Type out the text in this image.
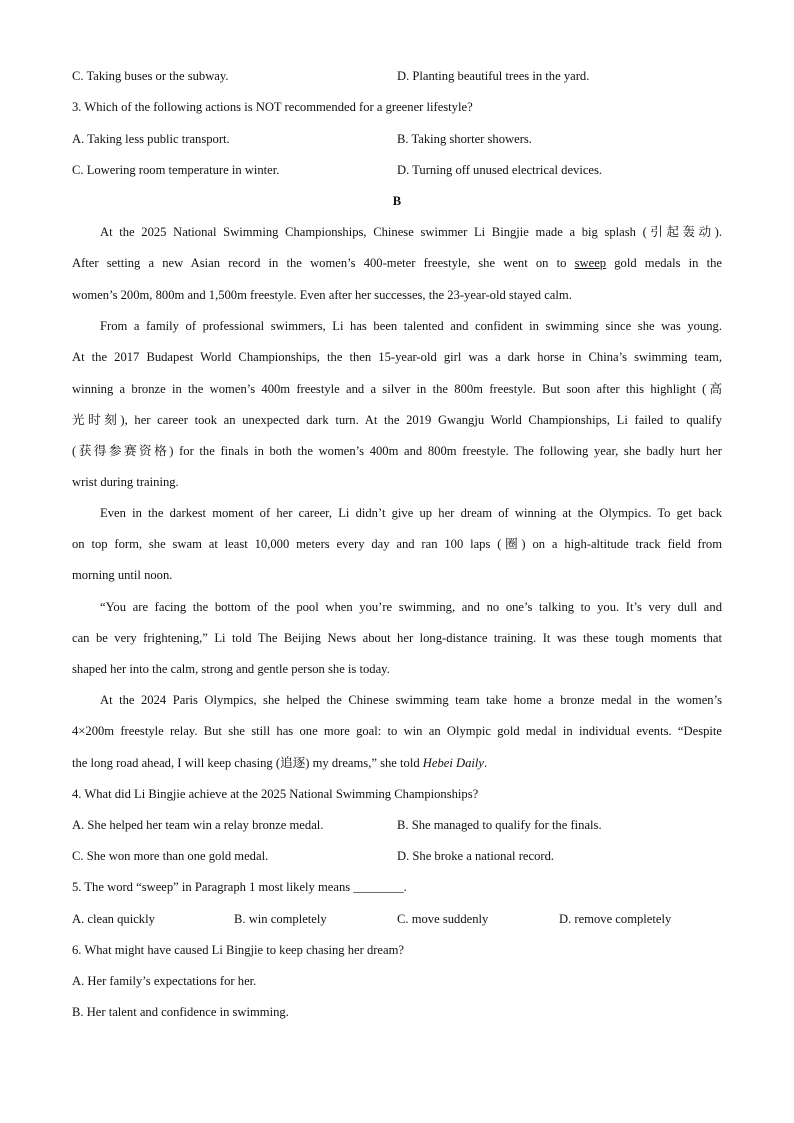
C. Taking buses or the subway.	D. Planting beautiful trees in the yard.
3. Which of the following actions is NOT recommended for a greener lifestyle?
A. Taking less public transport.	B. Taking shorter showers.
C. Lowering room temperature in winter.	D. Turning off unused electrical devices.
B
At the 2025 National Swimming Championships, Chinese swimmer Li Bingjie made a big splash (引起轰动).
After setting a new Asian record in the women’s 400-meter freestyle, she went on to sweep gold medals in the
women’s 200m, 800m and 1,500m freestyle. Even after her successes, the 23-year-old stayed calm.
From a family of professional swimmers, Li has been talented and confident in swimming since she was young.
At the 2017 Budapest World Championships, the then 15-year-old girl was a dark horse in China’s swimming team,
winning a bronze in the women’s 400m freestyle and a silver in the 800m freestyle. But soon after this highlight (高
光时刻), her career took an unexpected dark turn. At the 2019 Gwangju World Championships, Li failed to qualify
(获得参赛资格) for the finals in both the women’s 400m and 800m freestyle. The following year, she badly hurt her
wrist during training.
Even in the darkest moment of her career, Li didn’t give up her dream of winning at the Olympics. To get back
on top form, she swam at least 10,000 meters every day and ran 100 laps (圈) on a high-altitude track field from
morning until noon.
“You are facing the bottom of the pool when you’re swimming, and no one’s talking to you. It’s very dull and
can be very frightening,” Li told The Beijing News about her long-distance training. It was these tough moments that
shaped her into the calm, strong and gentle person she is today.
At the 2024 Paris Olympics, she helped the Chinese swimming team take home a bronze medal in the women’s
4×200m freestyle relay. But she still has one more goal: to win an Olympic gold medal in individual events. “Despite
the long road ahead, I will keep chasing (追逐) my dreams,” she told Hebei Daily.
4. What did Li Bingjie achieve at the 2025 National Swimming Championships?
A. She helped her team win a relay bronze medal.	B. She managed to qualify for the finals.
C. She won more than one gold medal.	D. She broke a national record.
5. The word “sweep” in Paragraph 1 most likely means ________.
A. clean quickly	B. win completely	C. move suddenly	D. remove completely
6. What might have caused Li Bingjie to keep chasing her dream?
A. Her family’s expectations for her.
B. Her talent and confidence in swimming.
